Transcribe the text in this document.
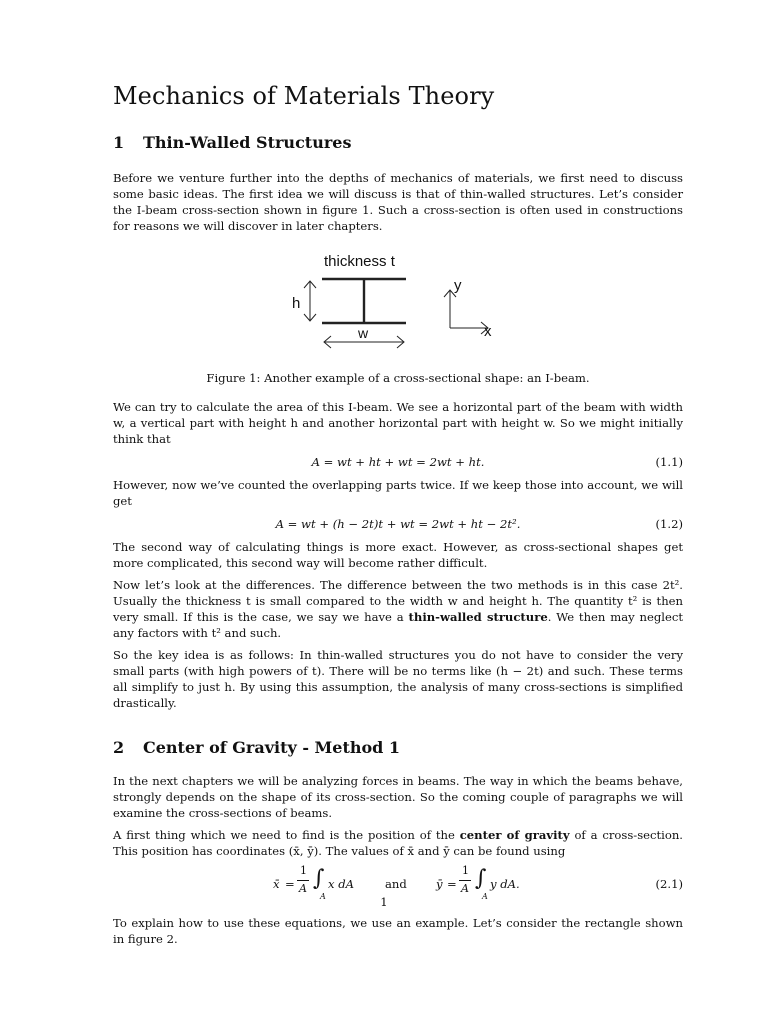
Mechanics of Materials Theory
1 Thin-Walled Structures

Before we venture further into the depths of mechanics of materials, we first need to discuss some basic ideas. The first idea we will discuss is that of thin-walled structures. Let’s consider the I-beam cross-section shown in figure 1. Such a cross-section is often used in constructions for reasons we will discover in later chapters.

thickness t
h
w
y
x
Figure 1: Another example of a cross-sectional shape: an I-beam.

We can try to calculate the area of this I-beam. We see a horizontal part of the beam with width w, a vertical part with height h and another horizontal part with height w. So we might initially think that

A = wt + ht + wt = 2wt + ht.	(1.1)

However, now we’ve counted the overlapping parts twice. If we keep those into account, we will get

A = wt + (h − 2t)t + wt = 2wt + ht − 2t².	(1.2)

The second way of calculating things is more exact. However, as cross-sectional shapes get more complicated, this second way will become rather difficult.

Now let’s look at the differences. The difference between the two methods is in this case 2t². Usually the thickness t is small compared to the width w and height h. The quantity t² is then very small. If this is the case, we say we have a thin-walled structure. We then may neglect any factors with t² and such.

So the key idea is as follows: In thin-walled structures you do not have to consider the very small parts (with high powers of t). There will be no terms like (h − 2t) and such. These terms all simplify to just h. By using this assumption, the analysis of many cross-sections is simplified drastically.

2 Center of Gravity - Method 1

In the next chapters we will be analyzing forces in beams. The way in which the beams behave, strongly depends on the shape of its cross-section. So the coming couple of paragraphs we will examine the cross-sections of beams.

A first thing which we need to find is the position of the center of gravity of a cross-section. This position has coordinates (x̄, ȳ). The values of x̄ and ȳ can be found using

x̄ =
1
A ∫
A
x dA	and	ȳ =
1
A ∫
A
y dA.	(2.1)

To explain how to use these equations, we use an example. Let’s consider the rectangle shown in figure 2.

1
